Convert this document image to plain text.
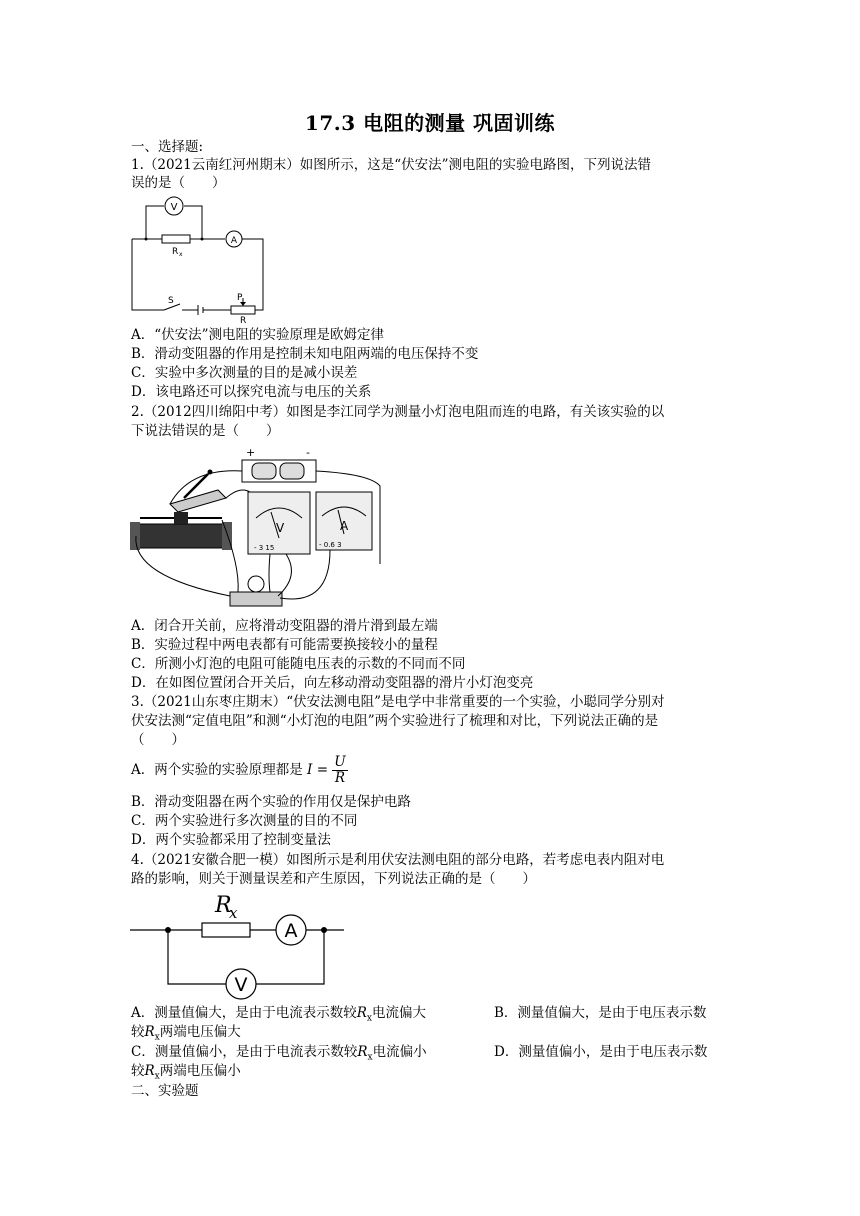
17.3 电阻的测量 巩固训练
一、选择题:
1.（2021云南红河州期末）如图所示，这是“伏安法”测电阻的实验电路图，下列说法错
误的是（　　）
V
A
R x
S	P
R
A．“伏安法”测电阻的实验原理是欧姆定律
B．滑动变阻器的作用是控制未知电阻两端的电压保持不变
C．实验中多次测量的目的是减小误差
D．该电路还可以探究电流与电压的关系
2.（2012四川绵阳中考）如图是李江同学为测量小灯泡电阻而连的电路，有关该实验的以
下说法错误的是（　　）
+	-
V
- 3 15
A
- 0.6 3
A．闭合开关前，应将滑动变阻器的滑片滑到最左端
B．实验过程中两电表都有可能需要换接较小的量程
C．所测小灯泡的电阻可能随电压表的示数的不同而不同
D．在如图位置闭合开关后，向左移动滑动变阻器的滑片小灯泡变亮
3.（2021山东枣庄期末）“伏安法测电阻”是电学中非常重要的一个实验，小聪同学分别对
伏安法测“定值电阻”和测“小灯泡的电阻”两个实验进行了梳理和对比，下列说法正确的是
（　　）
A．两个实验的实验原理都是 $I = \frac{U}{R}$
B．滑动变阻器在两个实验的作用仅是保护电路
C．两个实验进行多次测量的目的不同
D．两个实验都采用了控制变量法
4.（2021安徽合肥一模）如图所示是利用伏安法测电阻的部分电路，若考虑电表内阻对电
路的影响，则关于测量误差和产生原因，下列说法正确的是（　　）
R
x
A
V
A．测量值偏大，是由于电流表示数较$R_x$电流偏大	B．测量值偏大，是由于电压表示数
较$R_x$两端电压偏大
C．测量值偏小，是由于电流表示数较$R_x$电流偏小	D．测量值偏小，是由于电压表示数
较$R_x$两端电压偏小
二、实验题
